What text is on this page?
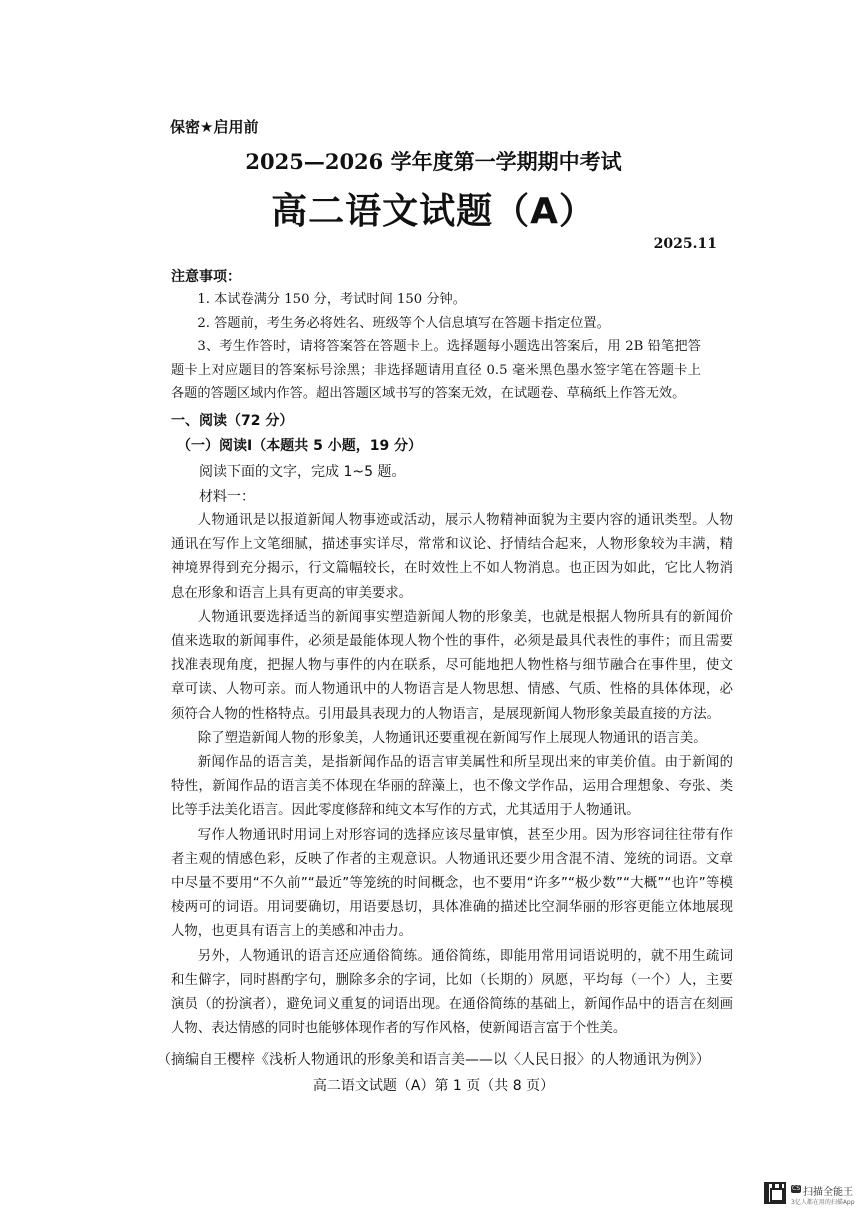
保密★启用前
2025—2026 学年度第一学期期中考试
高二语文试题（A）
2025.11
注意事项：

1. 本试卷满分 150 分，考试时间 150 分钟。

2. 答题前，考生务必将姓名、班级等个人信息填写在答题卡指定位置。

3、考生作答时，请将答案答在答题卡上。选择题每小题选出答案后，用 2B 铅笔把答题卡上对应题目的答案标号涂黑；非选择题请用直径 0.5 毫米黑色墨水签字笔在答题卡上各题的答题区域内作答。超出答题区域书写的答案无效，在试题卷、草稿纸上作答无效。

一、阅读（72 分）
（一）阅读Ⅰ（本题共 5 小题，19 分）
阅读下面的文字，完成 1~5 题。
材料一：

人物通讯是以报道新闻人物事迹或活动，展示人物精神面貌为主要内容的通讯类型。人物通讯在写作上文笔细腻，描述事实详尽，常常和议论、抒情结合起来，人物形象较为丰满，精神境界得到充分揭示，行文篇幅较长，在时效性上不如人物消息。也正因为如此，它比人物消息在形象和语言上具有更高的审美要求。

人物通讯要选择适当的新闻事实塑造新闻人物的形象美，也就是根据人物所具有的新闻价值来选取的新闻事件，必须是最能体现人物个性的事件，必须是最具代表性的事件；而且需要找准表现角度，把握人物与事件的内在联系，尽可能地把人物性格与细节融合在事件里，使文章可读、人物可亲。而人物通讯中的人物语言是人物思想、情感、气质、性格的具体体现，必须符合人物的性格特点。引用最具表现力的人物语言，是展现新闻人物形象美最直接的方法。

除了塑造新闻人物的形象美，人物通讯还要重视在新闻写作上展现人物通讯的语言美。

新闻作品的语言美，是指新闻作品的语言审美属性和所呈现出来的审美价值。由于新闻的特性，新闻作品的语言美不体现在华丽的辞藻上，也不像文学作品，运用合理想象、夸张、类比等手法美化语言。因此零度修辞和纯文本写作的方式，尤其适用于人物通讯。

写作人物通讯时用词上对形容词的选择应该尽量审慎，甚至少用。因为形容词往往带有作者主观的情感色彩，反映了作者的主观意识。人物通讯还要少用含混不清、笼统的词语。文章中尽量不要用“不久前”“最近”等笼统的时间概念，也不要用“许多”“极少数”“大概”“也许”等模棱两可的词语。用词要确切，用语要恳切，具体准确的描述比空洞华丽的形容更能立体地展现人物，也更具有语言上的美感和冲击力。

另外，人物通讯的语言还应通俗简练。通俗简练，即能用常用词语说明的，就不用生疏词和生僻字，同时斟酌字句，删除多余的字词，比如（长期的）夙愿，平均每（一个）人，主要演员（的扮演者），避免词义重复的词语出现。在通俗简练的基础上，新闻作品中的语言在刻画人物、表达情感的同时也能够体现作者的写作风格，使新闻语言富于个性美。

（摘编自王樱梓《浅析人物通讯的形象美和语言美——以〈人民日报〉的人物通讯为例》）
高二语文试题（A）第 1 页（共 8 页）
CS 扫描全能王
3亿人都在用的扫描App
